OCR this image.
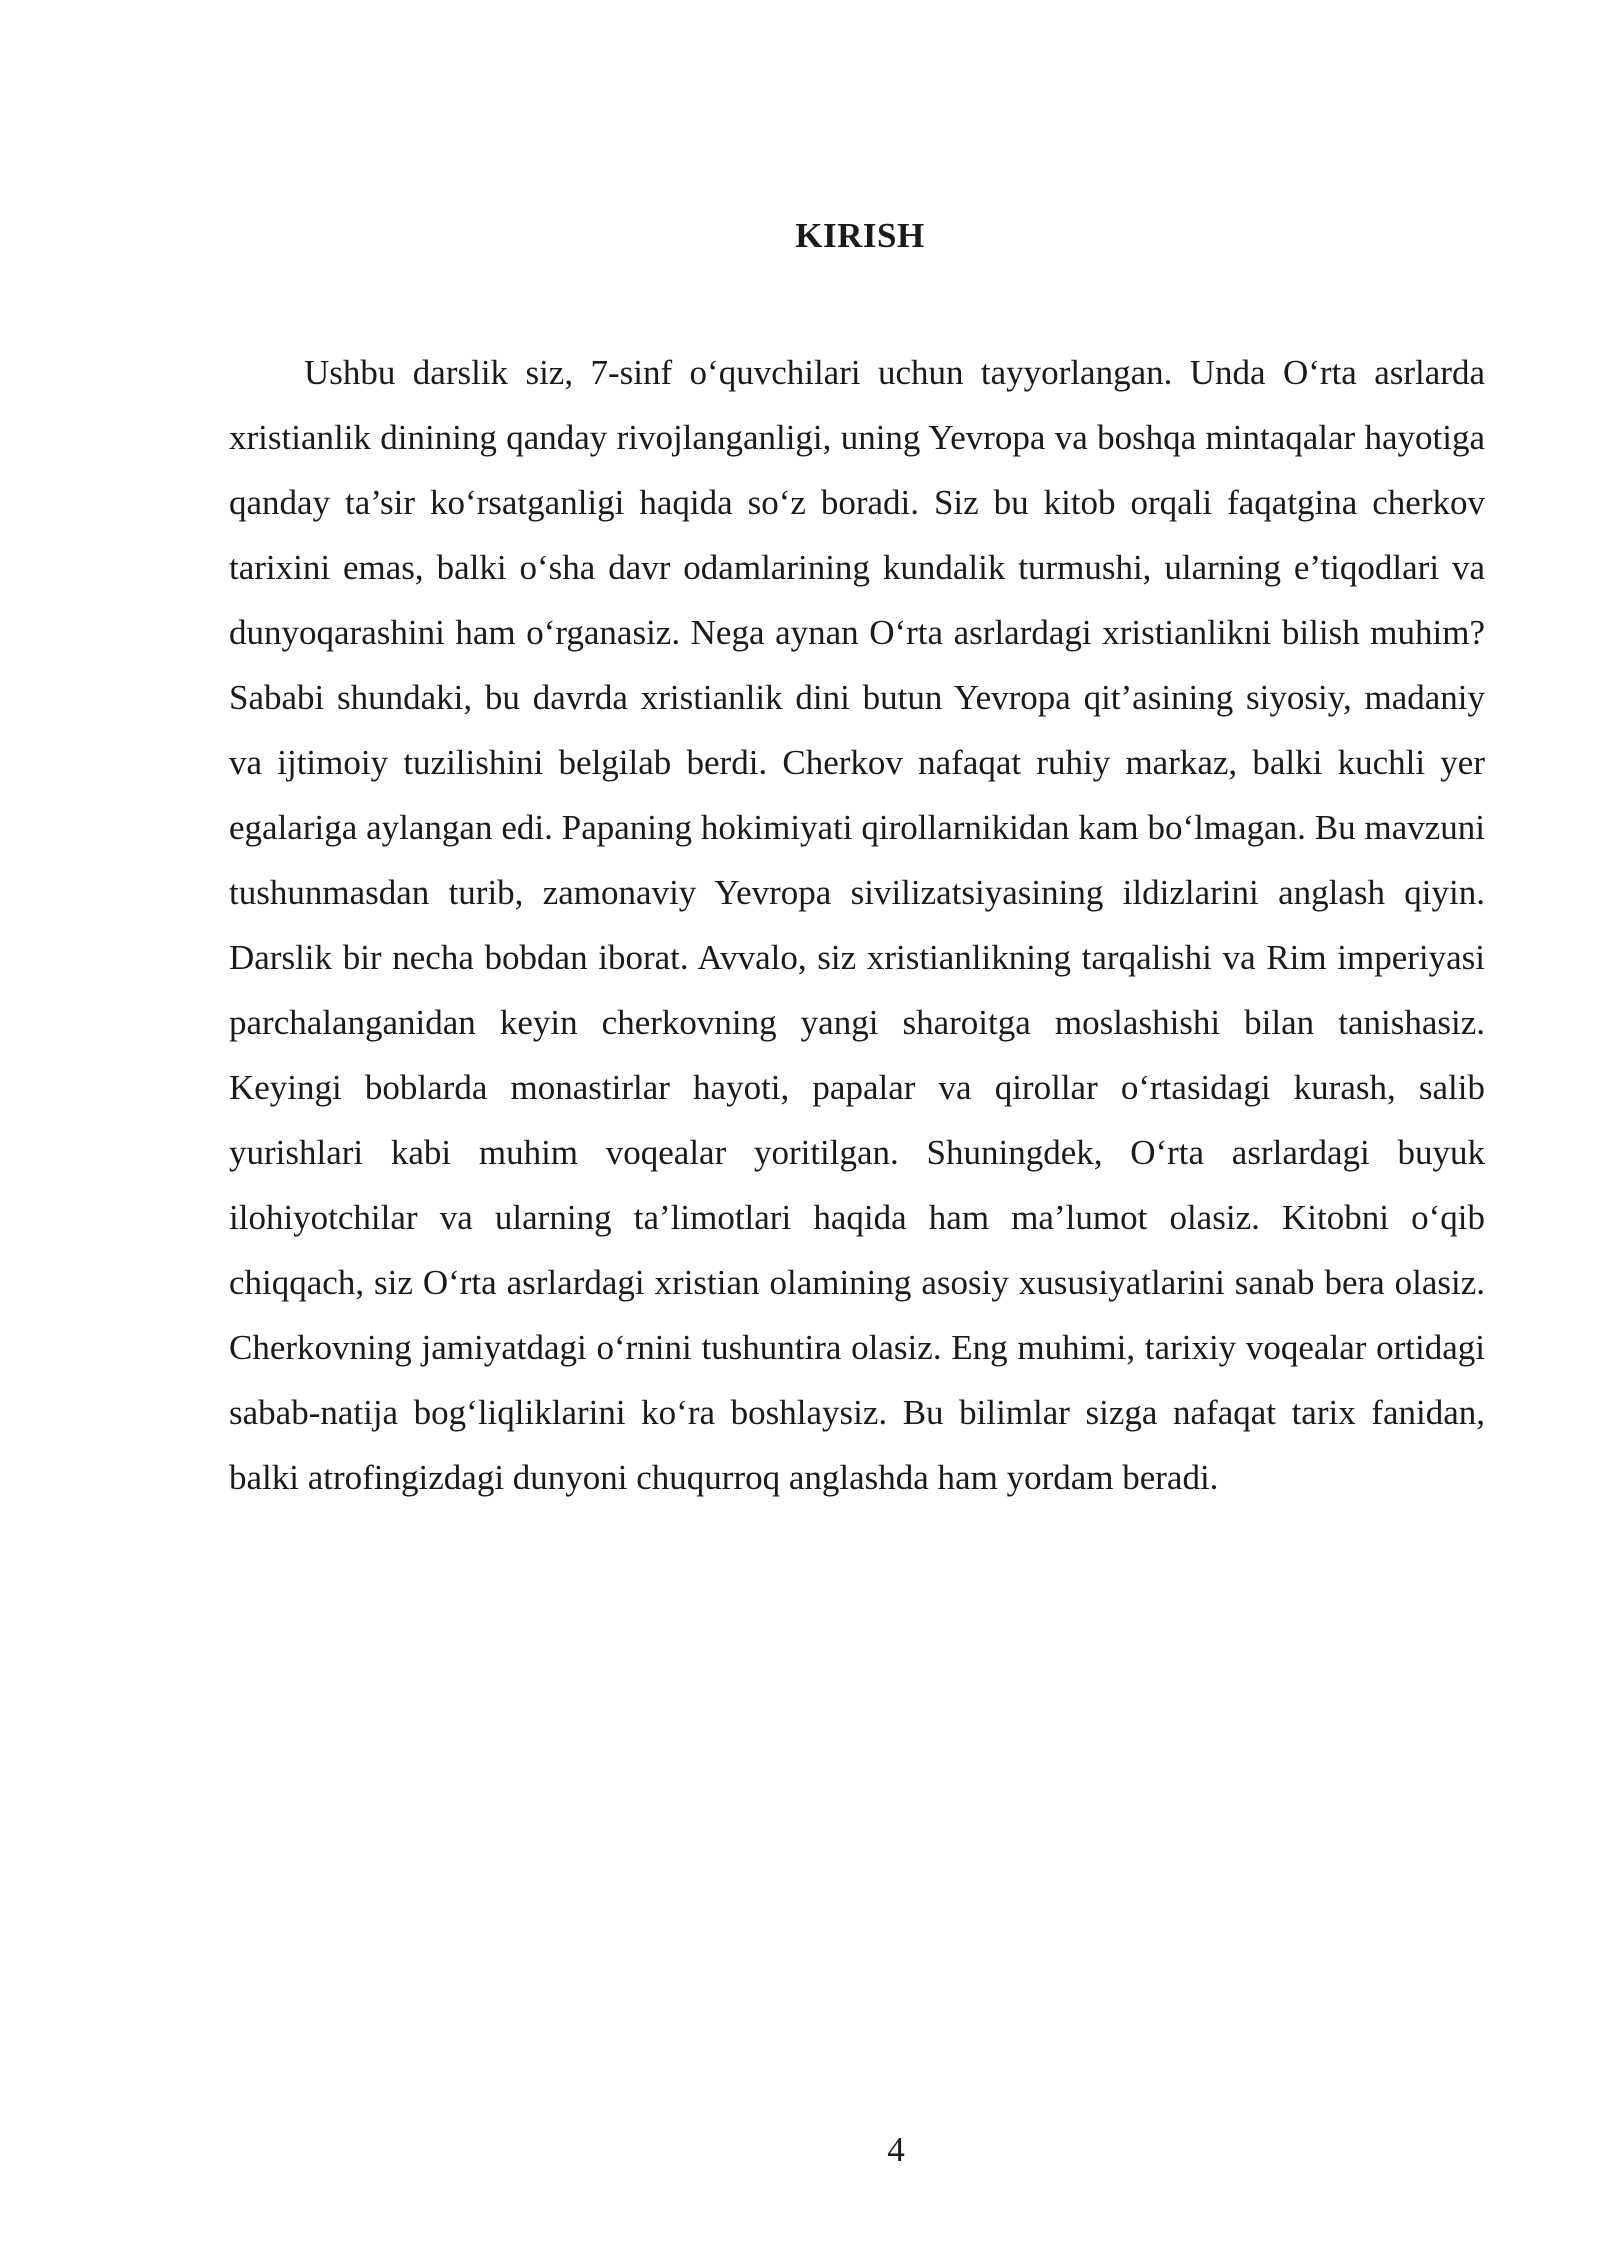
KIRISH

Ushbu darslik siz, 7-sinf o‘quvchilari uchun tayyorlangan. Unda O‘rta asrlarda xristianlik dinining qanday rivojlanganligi, uning Yevropa va boshqa mintaqalar hayotiga qanday ta’sir ko‘rsatganligi haqida so‘z boradi. Siz bu kitob orqali faqatgina cherkov tarixini emas, balki o‘sha davr odamlarining kundalik turmushi, ularning e’tiqodlari va dunyoqarashini ham o‘rganasiz. Nega aynan O‘rta asrlardagi xristianlikni bilish muhim? Sababi shundaki, bu davrda xristianlik dini butun Yevropa qit’asining siyosiy, madaniy va ijtimoiy tuzilishini belgilab berdi. Cherkov nafaqat ruhiy markaz, balki kuchli yer egalariga aylangan edi. Papaning hokimiyati qirollarnikidan kam bo‘lmagan. Bu mavzuni tushunmasdan turib, zamonaviy Yevropa sivilizatsiyasining ildizlarini anglash qiyin. Darslik bir necha bobdan iborat. Avvalo, siz xristianlikning tarqalishi va Rim imperiyasi parchalanganidan keyin cherkovning yangi sharoitga moslashishi bilan tanishasiz. Keyingi boblarda monastirlar hayoti, papalar va qirollar o‘rtasidagi kurash, salib yurishlari kabi muhim voqealar yoritilgan. Shuningdek, O‘rta asrlardagi buyuk ilohiyotchilar va ularning ta’limotlari haqida ham ma’lumot olasiz. Kitobni o‘qib chiqqach, siz O‘rta asrlardagi xristian olamining asosiy xususiyatlarini sanab bera olasiz. Cherkovning jamiyatdagi o‘rnini tushuntira olasiz. Eng muhimi, tarixiy voqealar ortidagi sabab-natija bog‘liqliklarini ko‘ra boshlaysiz. Bu bilimlar sizga nafaqat tarix fanidan, balki atrofingizdagi dunyoni chuqurroq anglashda ham yordam beradi.

4
